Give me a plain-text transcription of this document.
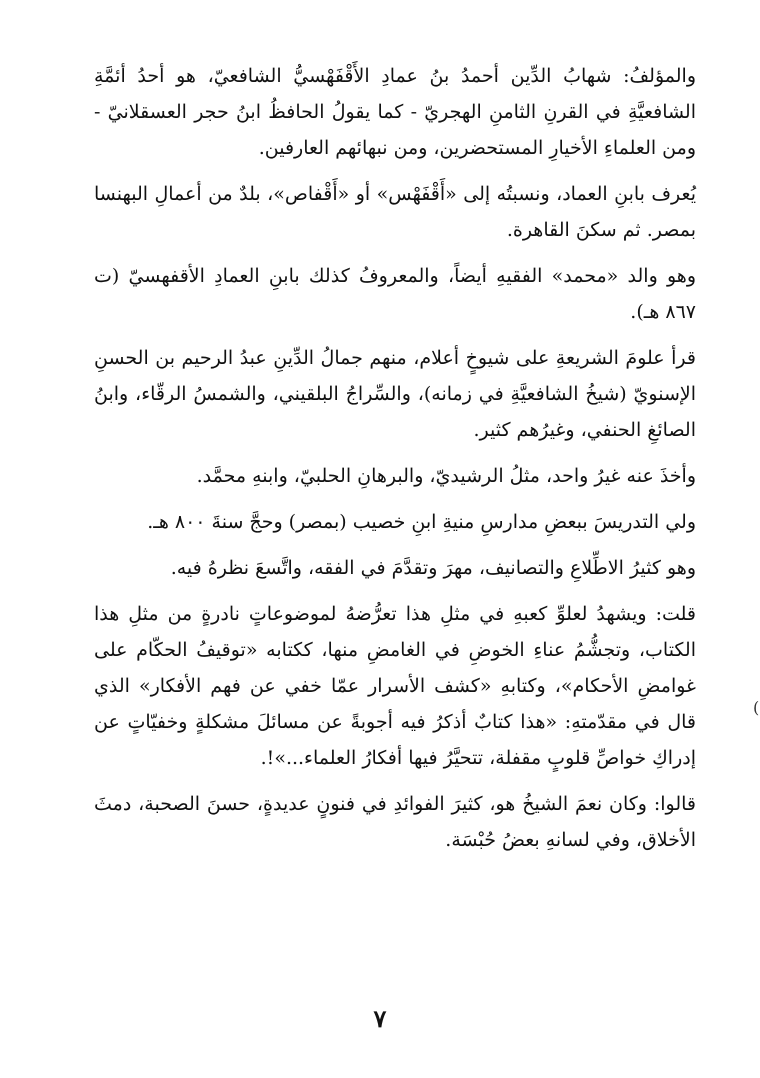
والمؤلفُ: شهابُ الدِّين أحمدُ بنُ عمادِ الأَقْفَهْسيُّ الشافعيّ، هو أحدُ أئمَّةِ الشافعيَّةِ في القرنِ الثامنِ الهجريّ - كما يقولُ الحافظُ ابنُ حجر العسقلانيّ - ومن العلماءِ الأخيارِ المستحضرين، ومن نبهائهم العارفين.

يُعرف بابنِ العماد، ونسبتُه إلى «أَقْفَهْس» أو «أَقْفاص»، بلدٌ من أعمالِ البهنسا بمصر. ثم سكنَ القاهرة.

وهو والد «محمد» الفقيهِ أيضاً، والمعروفُ كذلك بابنِ العمادِ الأقفهسيّ (ت ٨٦٧ هـ).

قرأ علومَ الشريعةِ على شيوخٍ أعلام، منهم جمالُ الدِّينِ عبدُ الرحيم بن الحسنِ الإسنويّ (شيخُ الشافعيَّةِ في زمانه)، والسِّراجُ البلقيني، والشمسُ الرقّاء، وابنُ الصائغِ الحنفي، وغيرُهم كثير.

وأخذَ عنه غيرُ واحد، مثلُ الرشيديّ، والبرهانِ الحلبيّ، وابنهِ محمَّد.

ولي التدريسَ ببعضِ مدارسِ منيةِ ابنِ خصيب (بمصر) وحجَّ سنةَ ٨٠٠ هـ.

وهو كثيرُ الاطِّلاعِ والتصانيف، مهرَ وتقدَّمَ في الفقه، واتَّسعَ نظرهُ فيه.

قلت: ويشهدُ لعلوِّ كعبهِ في مثلِ هذا تعرُّضهُ لموضوعاتٍ نادرةٍ من مثلِ هذا الكتاب، وتجشُّمُ عناءِ الخوضِ في الغامضِ منها، ككتابه «توقيفُ الحكّام على غوامضِ الأحكام»، وكتابهِ «كشف الأسرار عمّا خفي عن فهم الأفكار» الذي قال في مقدّمتهِ: «هذا كتابٌ أذكرُ فيه أجوبةً عن مسائلَ مشكلةٍ وخفيّاتٍ عن إدراكِ خواصِّ قلوبٍ مقفلة، تتحيَّرُ فيها أفكارُ العلماء...»!.

قالوا: وكان نعمَ الشيخُ هو، كثيرَ الفوائدِ في فنونٍ عديدةٍ، حسنَ الصحبة، دمثَ الأخلاق، وفي لسانهِ بعضُ حُبْسَة.

٧
(
